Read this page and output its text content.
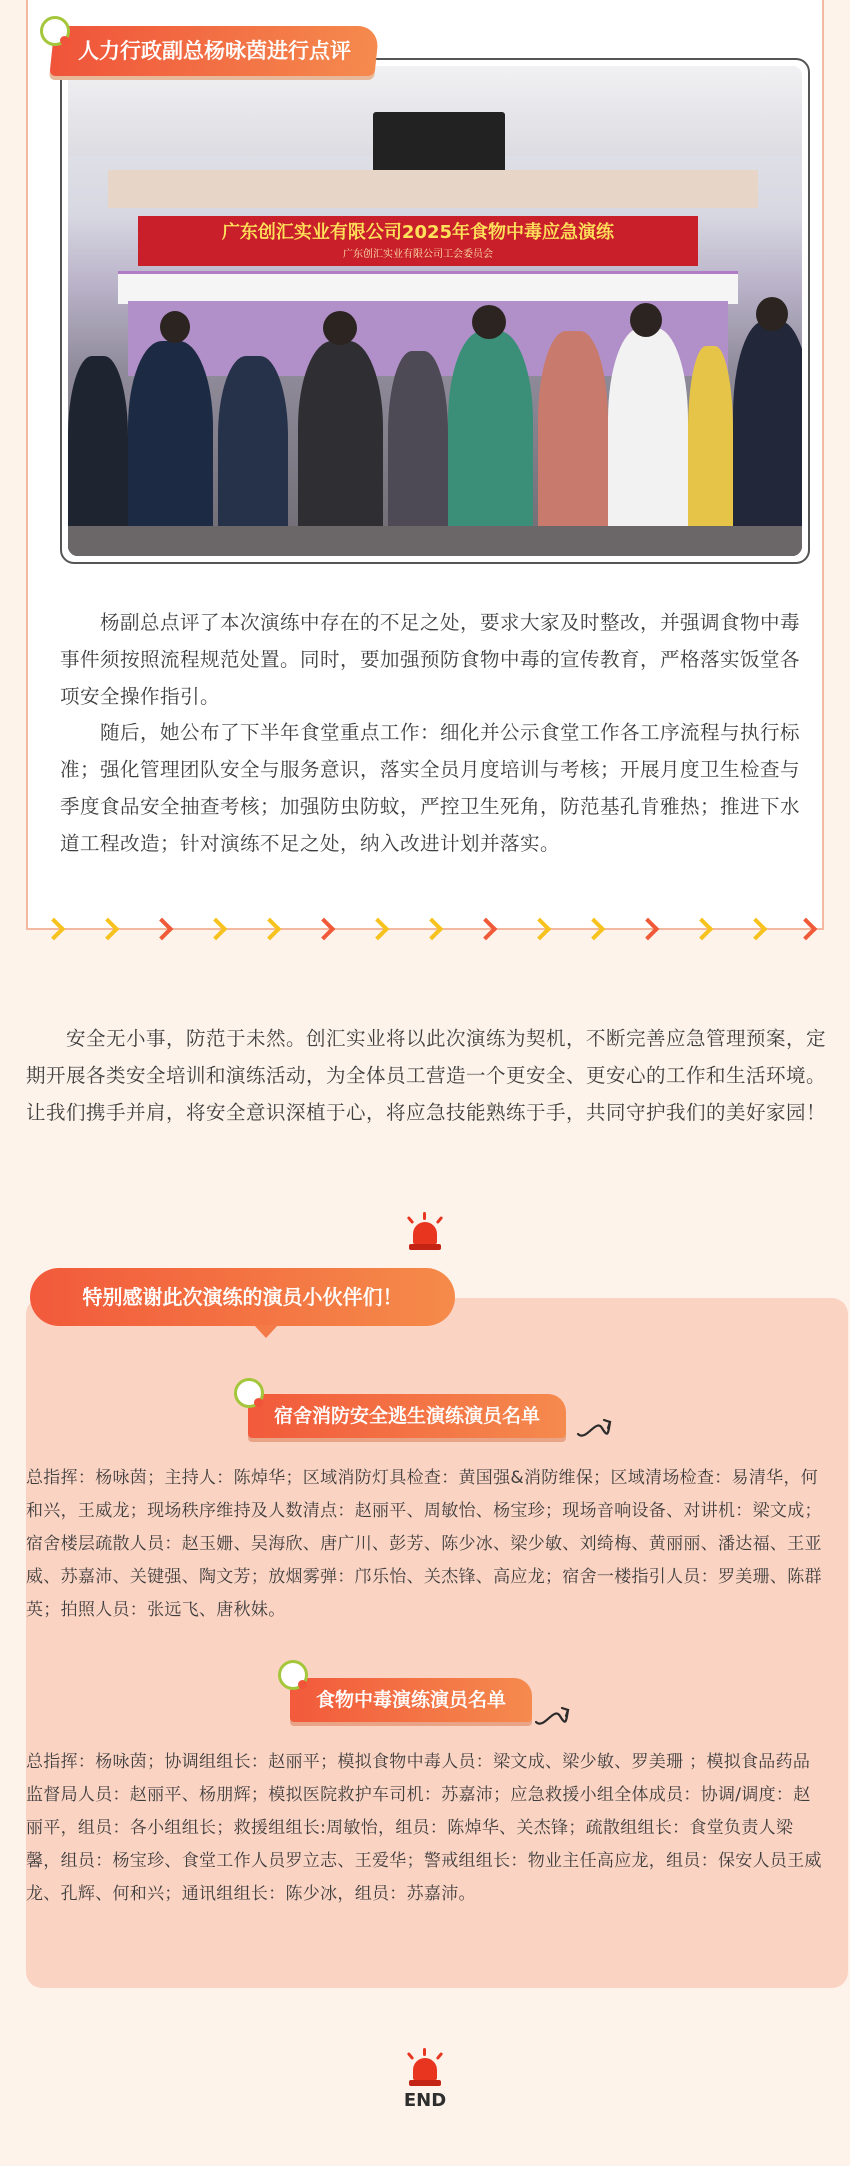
人力行政副总杨咏茵进行点评
广东创汇实业有限公司2025年食物中毒应急演练
广东创汇实业有限公司工会委员会

杨副总点评了本次演练中存在的不足之处，要求大家及时整改，并强调食物中毒事件须按照流程规范处置。同时，要加强预防食物中毒的宣传教育，严格落实饭堂各项安全操作指引。

随后，她公布了下半年食堂重点工作：细化并公示食堂工作各工序流程与执行标准；强化管理团队安全与服务意识，落实全员月度培训与考核；开展月度卫生检查与季度食品安全抽查考核；加强防虫防蚊，严控卫生死角，防范基孔肯雅热；推进下水道工程改造；针对演练不足之处，纳入改进计划并落实。

安全无小事，防范于未然。创汇实业将以此次演练为契机，不断完善应急管理预案，定期开展各类安全培训和演练活动，为全体员工营造一个更安全、更安心的工作和生活环境。让我们携手并肩，将安全意识深植于心，将应急技能熟练于手，共同守护我们的美好家园！

特别感谢此次演练的演员小伙伴们！
宿舍消防安全逃生演练演员名单

总指挥：杨咏茵；主持人：陈焯华；区域消防灯具检查：黄国强&消防维保；区域清场检查：易清华，何和兴，王威龙；现场秩序维持及人数清点：赵丽平、周敏怡、杨宝珍；现场音响设备、对讲机：梁文成；宿舍楼层疏散人员：赵玉姗、吴海欣、唐广川、彭芳、陈少冰、梁少敏、刘绮梅、黄丽丽、潘达福、王亚威、苏嘉沛、关键强、陶文芳；放烟雾弹：邝乐怡、关杰锋、高应龙；宿舍一楼指引人员：罗美珊、陈群英；拍照人员：张远飞、唐秋妹。

食物中毒演练演员名单

总指挥：杨咏茵；协调组组长：赵丽平；模拟食物中毒人员：梁文成、梁少敏、罗美珊 ；模拟食品药品监督局人员：赵丽平、杨朋辉；模拟医院救护车司机：苏嘉沛；应急救援小组全体成员：协调/调度：赵丽平，组员：各小组组长；救援组组长:周敏怡，组员：陈焯华、关杰锋；疏散组组长：食堂负责人梁馨，组员：杨宝珍、食堂工作人员罗立志、王爱华；警戒组组长：物业主任高应龙，组员：保安人员王威龙、孔辉、何和兴；通讯组组长：陈少冰，组员：苏嘉沛。

END
